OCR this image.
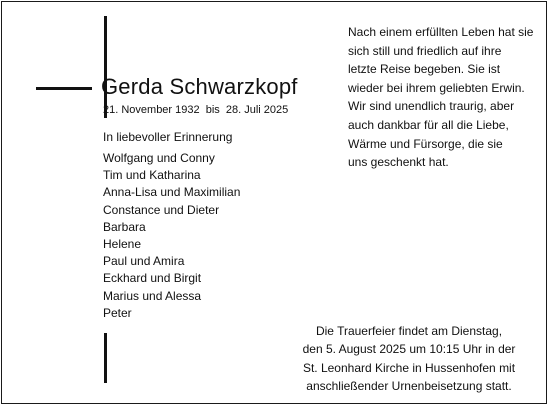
Gerda Schwarzkopf
21. November 1932  bis  28. Juli 2025
In liebevoller Erinnerung
Wolfgang und Conny
Tim und Katharina
Anna-Lisa und Maximilian
Constance und Dieter
Barbara
Helene
Paul und Amira
Eckhard und Birgit
Marius und Alessa
Peter
Nach einem erfüllten Leben hat sie
sich still und friedlich auf ihre
letzte Reise begeben. Sie ist
wieder bei ihrem geliebten Erwin.
Wir sind unendlich traurig, aber
auch dankbar für all die Liebe,
Wärme und Fürsorge, die sie
uns geschenkt hat.
Die Trauerfeier findet am Dienstag,
den 5. August 2025 um 10:15 Uhr in der
St. Leonhard Kirche in Hussenhofen mit
anschließender Urnenbeisetzung statt.
